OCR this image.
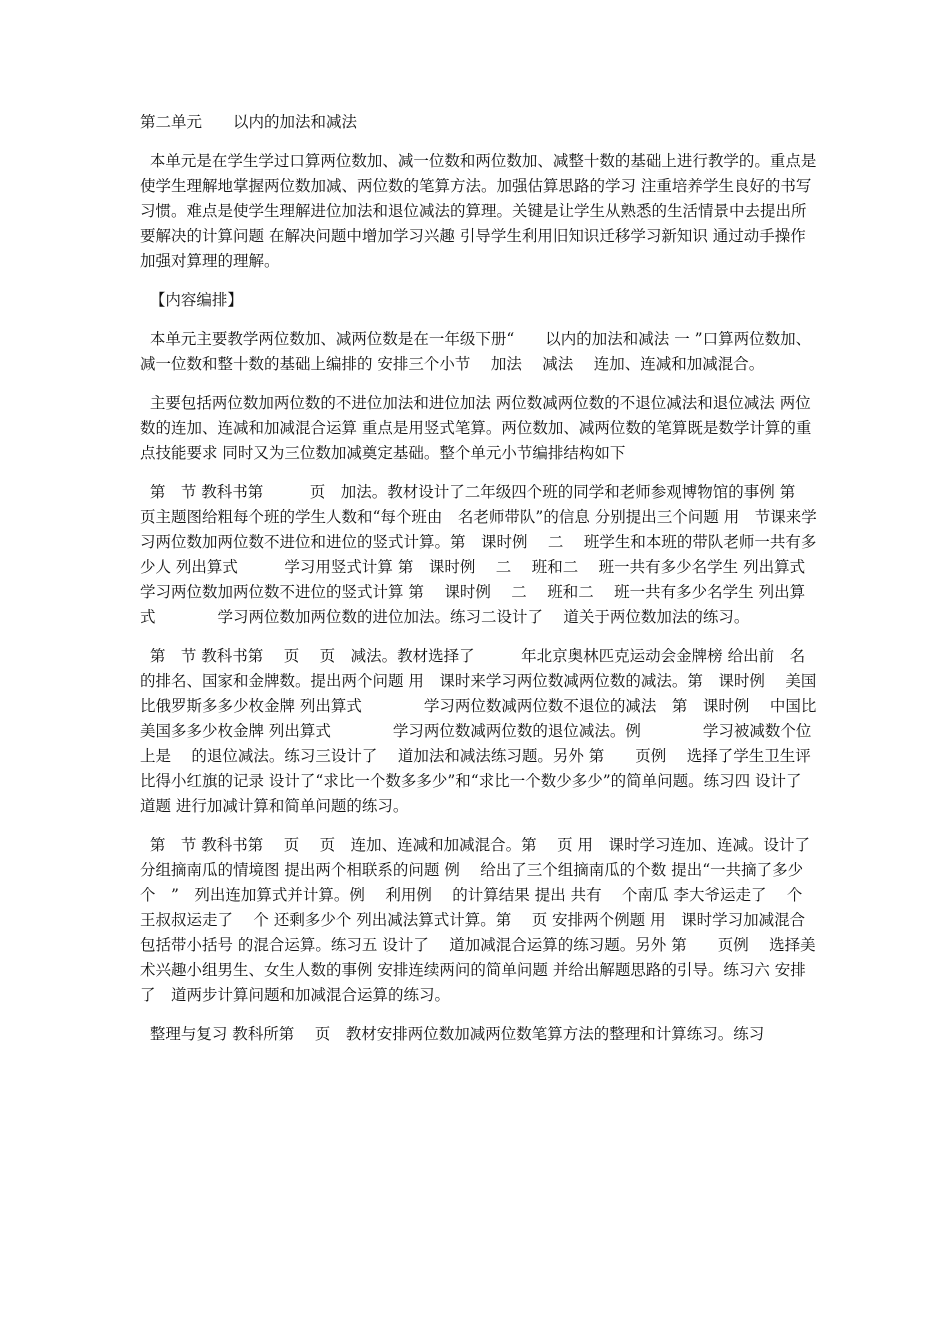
第二单元　　以内的加法和减法

本单元是在学生学过口算两位数加、减一位数和两位数加、减整十数的基础上进行教学的。重点是使学生理解地掌握两位数加减、两位数的笔算方法。加强估算思路的学习 注重培养学生良好的书写习惯。难点是使学生理解进位加法和退位减法的算理。关键是让学生从熟悉的生活情景中去提出所要解决的计算问题 在解决问题中增加学习兴趣 引导学生利用旧知识迁移学习新知识 通过动手操作加强对算理的理解。

【内容编排】

本单元主要教学两位数加、减两位数是在一年级下册“　　以内的加法和减法 一 ”口算两位数加、减一位数和整十数的基础上编排的 安排三个小节　 加法　 减法　 连加、连减和加减混合。

主要包括两位数加两位数的不进位加法和进位加法 两位数减两位数的不退位减法和退位减法 两位数的连加、连减和加减混合运算 重点是用竖式笔算。两位数加、减两位数的笔算既是数学计算的重点技能要求 同时又为三位数加减奠定基础。整个单元小节编排结构如下

第　节 教科书第　　　页　加法。教材设计了二年级四个班的同学和老师参观博物馆的事例 第　 页主题图给粗每个班的学生人数和“每个班由　名老师带队”的信息 分别提出三个问题 用　节课来学习两位数加两位数不进位和进位的竖式计算。第　课时例　 二　 班学生和本班的带队老师一共有多少人 列出算式　　　学习用竖式计算 第　课时例　 二　 班和二　 班一共有多少名学生 列出算式　　　　学习两位数加两位数不进位的竖式计算 第　 课时例　 二　 班和二　 班一共有多少名学生 列出算式　　　　学习两位数加两位数的进位加法。练习二设计了　 道关于两位数加法的练习。

第　节 教科书第　 页　 页　减法。教材选择了　　　年北京奥林匹克运动会金牌榜 给出前　名的排名、国家和金牌数。提出两个问题 用　课时来学习两位数减两位数的减法。第　课时例　 美国比俄罗斯多多少枚金牌 列出算式　　　　学习两位数减两位数不退位的减法　第　课时例　 中国比美国多多少枚金牌 列出算式　　　　学习两位数减两位数的退位减法。例　　　　学习被减数个位上是　 的退位减法。练习三设计了　 道加法和减法练习题。另外 第　　页例　 选择了学生卫生评比得小红旗的记录 设计了“求比一个数多多少”和“求比一个数少多少”的简单问题。练习四 设计了　道题 进行加减计算和简单问题的练习。

第　节 教科书第　 页　 页　连加、连减和加减混合。第　 页 用　课时学习连加、连减。设计了分组摘南瓜的情境图 提出两个相联系的问题 例　 给出了三个组摘南瓜的个数 提出“一共摘了多少个　”　列出连加算式并计算。例　 利用例　 的计算结果 提出 共有　 个南瓜 李大爷运走了　 个 王叔叔运走了　 个 还剩多少个 列出减法算式计算。第　 页 安排两个例题 用　课时学习加减混合 包括带小括号 的混合运算。练习五 设计了　 道加减混合运算的练习题。另外 第　　页例　 选择美术兴趣小组男生、女生人数的事例 安排连续两问的简单问题 并给出解题思路的引导。练习六 安排了　道两步计算问题和加减混合运算的练习。

整理与复习 教科所第　 页　教材安排两位数加减两位数笔算方法的整理和计算练习。练习
